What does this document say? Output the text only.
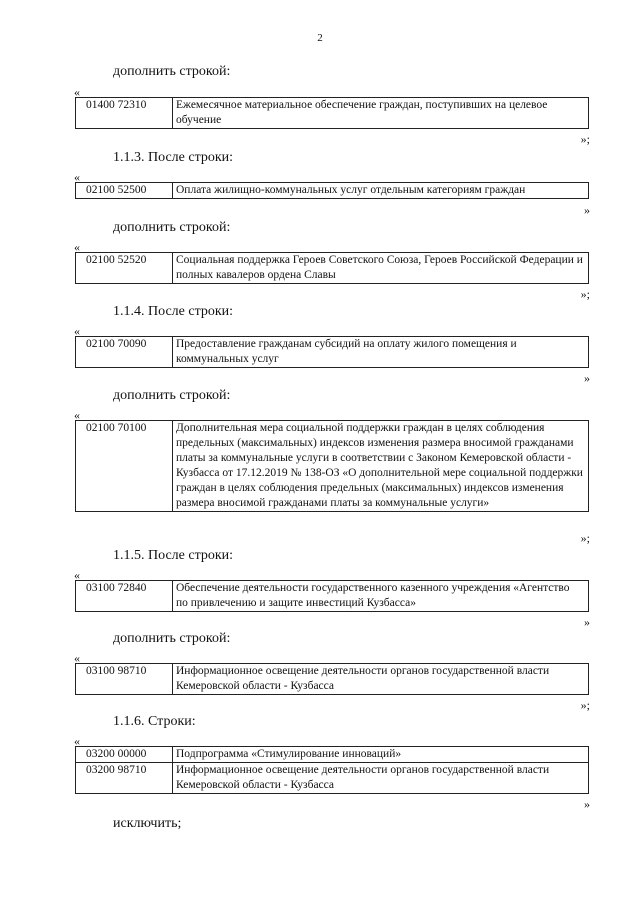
2
дополнить строкой:
«
01400 72310	Ежемесячное материальное обеспечение граждан, поступивших на целевое обучение
»;
1.1.3. После строки:
«
02100 52500	Оплата жилищно-коммунальных услуг отдельным категориям граждан
»
дополнить строкой:
«
02100 52520	Социальная поддержка Героев Советского Союза, Героев Российской Федерации и полных кавалеров ордена Славы
»;
1.1.4. После строки:
«
02100 70090	Предоставление гражданам субсидий на оплату жилого помещения и коммунальных услуг
»
дополнить строкой:
«
02100 70100	Дополнительная мера социальной поддержки граждан в целях соблюдения предельных (максимальных) индексов изменения размера вносимой гражданами платы за коммунальные услуги в соответствии с Законом Кемеровской области - Кузбасса от 17.12.2019 № 138-ОЗ «О дополнительной мере социальной поддержки граждан в целях соблюдения предельных (максимальных) индексов изменения размера вносимой гражданами платы за коммунальные услуги»
»;
1.1.5. После строки:
«
03100 72840	Обеспечение деятельности государственного казенного учреждения «Агентство по привлечению и защите инвестиций Кузбасса»
»
дополнить строкой:
«
03100 98710	Информационное освещение деятельности органов государственной власти Кемеровской области - Кузбасса
»;
1.1.6. Строки:
«
03200 00000	Подпрограмма «Стимулирование инноваций»
03200 98710	Информационное освещение деятельности органов государственной власти Кемеровской области - Кузбасса
»
исключить;
